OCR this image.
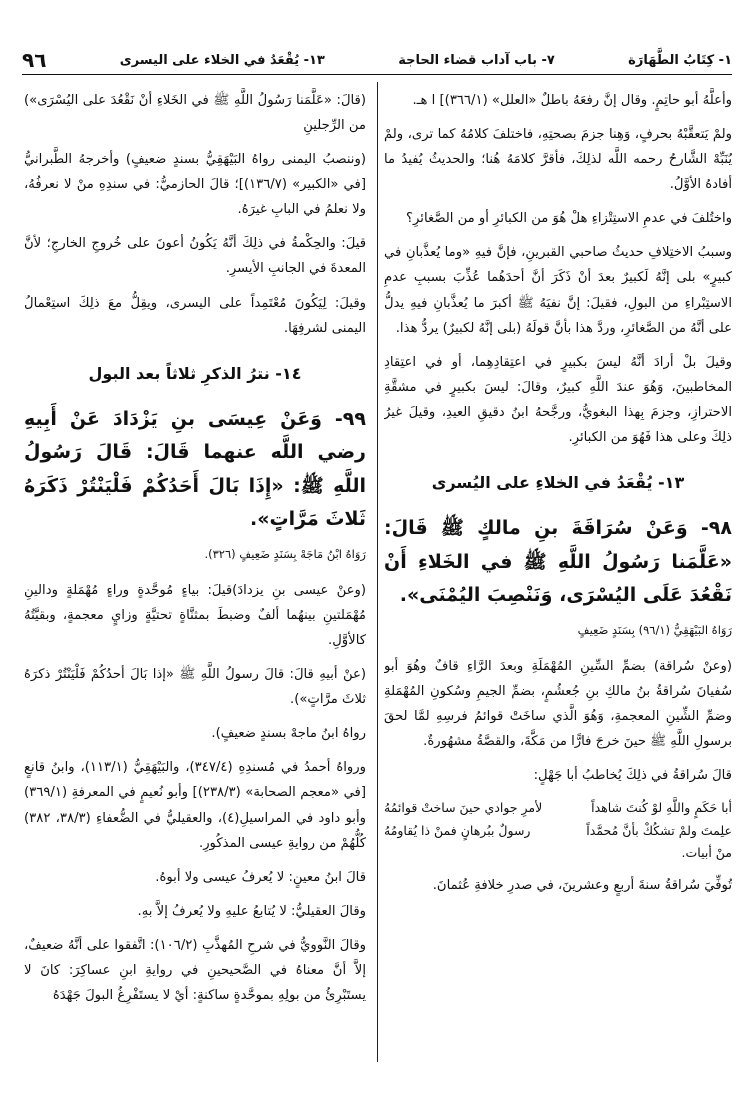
١- كِتَابُ الطَّهَارَة
٧- باب آداب قضاء الحاجة
١٣- يُقْعَدُ في الخلاء على اليسرى
٩٦

وأعلَّهُ أبو حاتِمٍ. وقال إنَّ رفعَهُ باطلٌ «العلل» (٣٦٦/١)] ا هـ.

ولمْ يَتعقَّبْهُ بحرفٍ، وَهِنا جزمَ بصحتِهِ، فاختلفَ كلامُهُ كما ترى، ولمْ يُنَبِّهْ الشَّارحُ رحمه اللَّه لذلِكَ، فأقرَّ كلامَهُ هُنا؛ والحديثُ يُفيدُ ما أفادهُ الأوَّلُ.

واختُلفَ في عدمِ الاستِتْزاءِ هلْ هُوَ من الكبائرِ أو من الصَّغائرِ؟

وسببُ الاختِلافِ حديثُ صاحبي القبرينِ، فإنَّ فيهِ «وما يُعذَّبانِ في كبيرٍ» بلى إنَّهُ لَكبيرٌ بعدَ أنْ ذَكَرَ أنَّ أحدَهُما عُذِّبَ بسببِ عدمِ الاستِبْراءِ من البولِ، فقيلَ: إنَّ نفيَهُ ﷺ أكبرَ ما يُعذَّبانِ فيهِ يدلُّ على أنَّهُ من الصَّغائرِ، وردَّ هذا بأنَّ قولَهُ (بلى إنَّهُ لكبيرٌ) يردُّ هذا.

وقيلَ بلْ أرادَ أنَّهُ ليسَ بكبيرٍ في اعتِقادِهِما، أو في اعتِقادِ المخاطبينَ، وَهُوَ عندَ اللَّهِ كبيرٌ، وقالَ: ليسَ بكبيرٍ في مشقَّةِ الاحترازِ، وجزمَ بِهذا البغويُّ، ورجَّحهُ ابنُ دقيقِ العيدِ، وقيلَ غيرُ ذلِكَ وعلى هذا فَهُوَ من الكبائرِ.

١٣- يُقْعَدُ في الخلاءِ على اليُسرى

٩٨- وَعَنْ سُرَاقَةَ بنِ مالكٍ ﷺ قَالَ: «عَلَّمَنا رَسُولُ اللَّهِ ﷺ في الخَلاءِ أَنْ نَقْعُدَ عَلَى اليُسْرَى، وَنَنْصِبَ اليُمْنَى».

رَوَاهُ البَيْهَقِيُّ (٩٦/١) بِسَنَدٍ ضَعِيفٍ

(وعنْ سُراقة) بضمِّ السِّينِ المُهْمَلَةِ وبعدَ الرَّاءِ قافٌ وهُوَ أبو سُفيانَ سُراقةُ بنُ مالكِ بنِ جُعشُمٍ، بضمِّ الجيمِ وسُكونِ المُهْمَلةِ وضمِّ الشِّينِ المعجمةِ، وَهُوَ الَّذي ساخَتْ قوائمُ فرسِهِ لمَّا لحقَ برسولِ اللَّهِ ﷺ حينَ خرجَ فارًّا من مَكَّةَ، والقصَّةُ مشهُورةٌ.

قالَ سُراقةُ في ذلِكَ يُخاطبُ أبا جَهْلٍ:

أبا حَكَمٍ واللَّهِ لوْ كُنتَ شاهداً
لأمرِ جوادي حينَ ساختْ قوائمُهُ
علِمتَ ولمْ تشكُكْ بأنَّ مُحمَّداً
رسولٌ ببُرهانٍ فمنْ ذا يُقاومُهُ
منْ أبيات.

تُوفِّيَ سُراقةُ سنةَ أربعٍ وعشرينَ، في صدرِ خلافةِ عُثمانَ.

(قالَ: «عَلَّمَنا رَسُولُ اللَّهِ ﷺ في الخَلاءِ أنْ نَقْعُدَ على اليُسْرَى») من الرِّجلينِ

(وننصبُ اليمنى رواهُ البَيْهَقِيُّ بسندٍ ضعيفٍ) وأخرجهُ الطَّبرانيُّ [في «الكبير» (١٣٦/٧)]؛ قالَ الحازميُّ: في سندِهِ منْ لا نعرفُهُ، ولا نعلمُ في البابِ غيرَهُ.

قيلَ: والحِكْمةُ في ذلِكَ أنَّهُ يَكُونُ أعونَ على خُروجِ الخارجِ؛ لأنَّ المعدةَ في الجانبِ الأيسرِ.

وقيلَ: لِيَكُونَ مُعْتَمِداً على اليسرى، ويقِلُّ معَ ذلِكَ استِعْمالُ اليمنى لشرفِهَا.

١٤- نترُ الذكرِ ثلاثاً بعد البول

٩٩- وَعَنْ عِيسَى بنِ يَزْدَادَ عَنْ أَبِيهِ رضي اللَّه عنهما قَالَ: قَالَ رَسُولُ اللَّهِ ﷺ: «إِذَا بَالَ أَحَدُكُمْ فَلْيَنْتُرْ ذَكَرَهُ ثَلاثَ مَرَّاتٍ».

رَوَاهُ ابْنُ مَاجَهْ بِسَنَدٍ ضَعِيفٍ (٣٢٦).

(وعنْ عيسى بنِ يزدادَ)قيلَ: بياءٍ مُوحَّدةٍ وراءٍ مُهْمَلةٍ ودالينِ مُهْمَلتينِ بينهُما ألفٌ وضبطَ بمثنَّاةٍ تحتيَّةٍ وزايٍ معجمةٍ، وبقيَّتُهُ كالأوَّلِ.

(عنْ أبيهِ قالَ: قالَ رسولُ اللَّهِ ﷺ «إذا بَالَ أحدُكُمْ فَلْيَنْتُرْ ذكرَهُ ثلاثَ مرَّاتٍ»).

رواهُ ابنُ ماجهْ بسندٍ ضعيفٍ).

ورواهُ أحمدُ في مُسندِهِ (٣٤٧/٤)، والبَيْهَقِيُّ (١١٣/١)، وابنُ قانعٍ [في «معجم الصحابة» (٢٣٨/٣)] وأبو نُعيمٍ في المعرفةِ (٣٦٩/١) وأبو داود في المراسيلِ(٤)، والعقيليُّ في الضُّعفاءِ (٣٨/٣، ٣٨٢) كُلُّهُمْ من روايةِ عيسى المذكُورِ.

قالَ ابنُ معينٍ: لا يُعرفُ عيسى ولا أبوهُ.

وقالَ العقيليُّ: لا يُتابعُ عليهِ ولا يُعرفُ إلاَّ بهِ.

وقالَ النَّوويُّ في شرحِ المُهذَّبِ (١٠٦/٢): اتَّفقوا على أنَّهُ ضعيفٌ، إلاَّ أنَّ معناهُ في الصَّحيحينِ في روايةِ ابنِ عساكِرَ: كانَ لا يستَبْرِئُ من بولِهِ بموحَّدةٍ ساكنةٍ: أيْ لا يستَفْرِغُ البولَ جَهْدَهُ
